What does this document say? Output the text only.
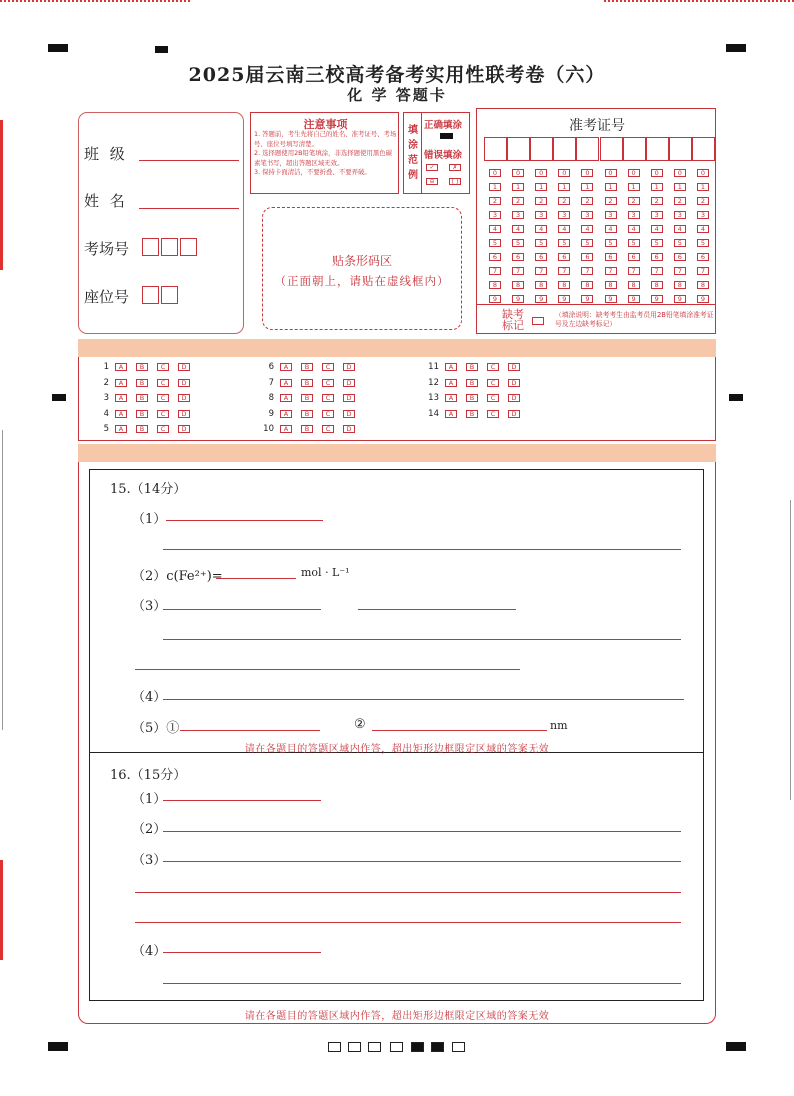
2025届云南三校高考备考实用性联考卷（六）
化 学 答题卡
班 级
姓 名
考场号
座位号
注意事项
1. 答题前，考生先将自己的姓名、准考证号、考场号、座位号填写清楚。
2. 选择题使用2B铅笔填涂，非选择题使用黑色碳素笔书写，超出答题区域无效。
3. 保持卡面清洁，不要折叠、不要弄破。
填涂范例
正确填涂
错误填涂
✓	✗
⊖	[ ]
贴条形码区
（正面朝上，请贴在虚线框内）
准考证号
0	0	0	0	0	0	0	0	0	0
1	1	1	1	1	1	1	1	1	1
2	2	2	2	2	2	2	2	2	2
3	3	3	3	3	3	3	3	3	3
4	4	4	4	4	4	4	4	4	4
5	5	5	5	5	5	5	5	5	5
6	6	6	6	6	6	6	6	6	6
7	7	7	7	7	7	7	7	7	7
8	8	8	8	8	8	8	8	8	8
9	9	9	9	9	9	9	9	9	9
缺考标记
（填涂说明：缺考考生由监考员用2B铅笔填涂准考证号及左边缺考标记）
1	A	B	C	D
2	A	B	C	D
3	A	B	C	D
4	A	B	C	D
5	A	B	C	D
6	A	B	C	D
7	A	B	C	D
8	A	B	C	D
9	A	B	C	D
10	A	B	C	D
11	A	B	C	D
12	A	B	C	D
13	A	B	C	D
14	A	B	C	D
15.（14分）
（1）
（2）c(Fe²⁺)=	mol · L⁻¹
（3）
（4）
（5）①	②	nm
请在各题目的答题区域内作答，超出矩形边框限定区域的答案无效
16.（15分）
（1）
（2）
（3）
（4）
请在各题目的答题区域内作答，超出矩形边框限定区域的答案无效
